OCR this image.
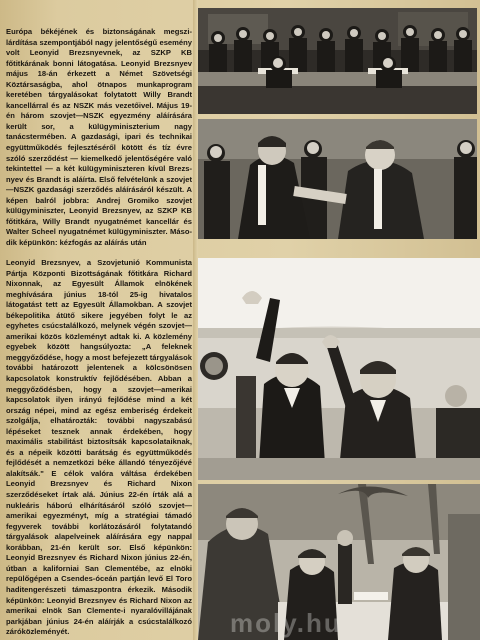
Európa békéjének és biztonságának megszilárdítása szempontjából nagy jelentőségű esemény volt Leonyid Brezsnyevnek, az SZKP KB főtitkárának bonni látogatása. Leonyid Brezsnyev május 18-án érkezett a Német Szövetségi Köztársaságba, ahol ötnapos munkaprogram keretében tárgyalásokat folytatott Willy Brandt kancellárral és az NSZK más vezetőivel. Május 19-én három szovjet—NSZK egyezmény aláírására került sor, a külügyminiszterium nagy tanácstermében. A gazdasági, ipari és technikai együttműködés fejlesztéséről kötött és tíz évre szóló szerződést — kiemelkedő jelentőségére való tekintettel — a két külügyminiszteren kívül Brezsnyev és Brandt is aláírta. Első felvételünk a szovjet—NSZK gazdasági szerződés aláírásáról készült. A képen balról jobbra: Andrej Gromiko szovjet külügyminiszter, Leonyid Brezsnyev, az SZKP KB főtitkára, Willy Brandt nyugatnémet kancellár és Walter Scheel nyugatnémet külügyminiszter. Második képünkön: kézfogás az aláírás után
Leonyid Brezsnyev, a Szovjetunió Kommunista Pártja Központi Bizottságának főtitkára Richard Nixonnak, az Egyesült Államok elnökének meghívására június 18-tól 25-ig hivatalos látogatást tett az Egyesült Államokban. A szovjet békepolitika átütő sikere jegyében folyt le az egyhetes csúcstalálkozó, melynek végén szovjet—amerikai közös közleményt adtak ki. A közlemény egyebek között hangsúlyozta: „A feleknek meggyőződése, hogy a most befejezett tárgyalások további határozott jelentenek a kölcsönösen kapcsolatok konstruktív fejlődésében. Abban a meggyőződésben, hogy a szovjet—amerikai kapcsolatok ilyen irányú fejlődése mind a két ország népei, mind az egész emberiség érdekeit szolgálja, elhatározták: további nagyszabású lépéseket tesznek annak érdekében, hogy maximális stabilitást biztosítsák kapcsolataiknak, és a népeik közötti barátság és együttműködés fejlődését a nemzetközi béke állandó tényezőjévé alakítsák." E célok valóra váltása érdekében Leonyid Brezsnyev és Richard Nixon szerződéseket írtak alá. Június 22-én írták alá a nukleáris háború elhárításáról szóló szovjet—amerikai egyezményt, míg a stratégiai támadó fegyverek további korlátozásáról folytatandó tárgyalások alapelveinek aláírására egy nappal korábban, 21-én került sor. Első képünkön: Leonyid Brezsnyev és Richard Nixon június 22-én, útban a kaliforniai San Clementébe, az elnöki repülőgépen a Csendes-óceán partján levő El Toro haditengerészeti támaszpontra érkezik. Második képünkön: Leonyid Brezsnyev és Richard Nixon az amerikai elnök San Clemente-i nyaralóvillájának parkjában június 24-én aláírják a csúcstalálkozó záróközleményét.	moly.hu
